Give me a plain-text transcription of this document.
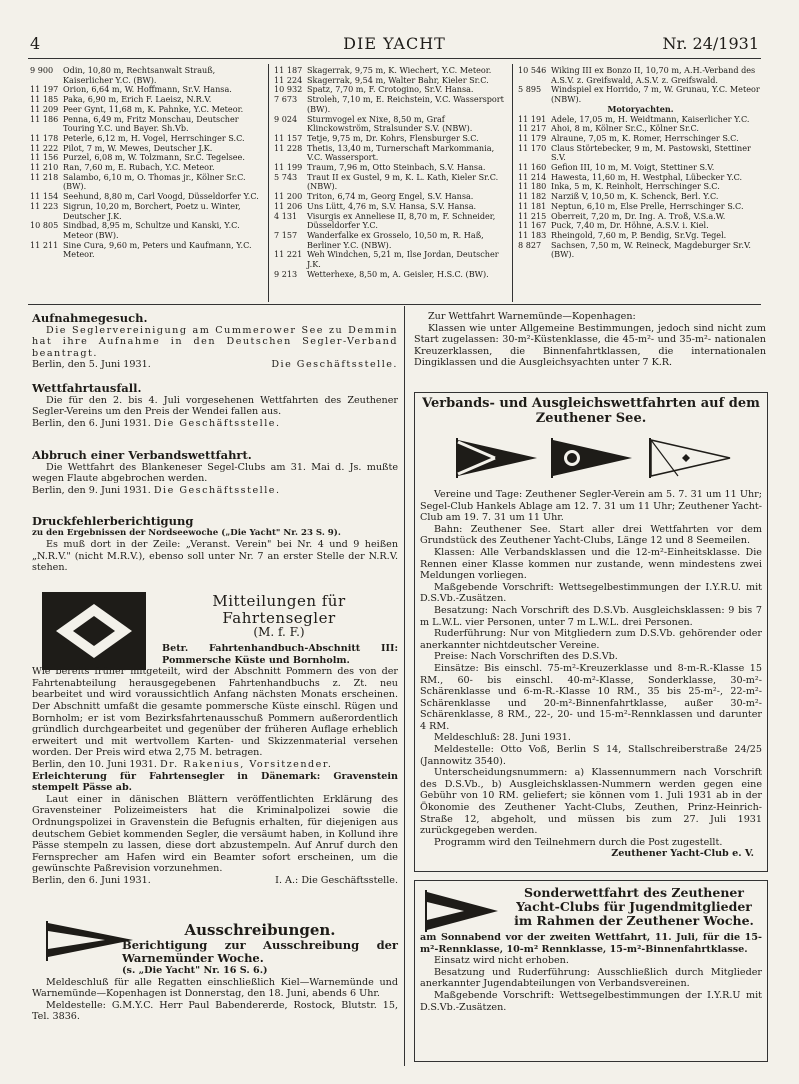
4	DIE YACHT	Nr. 24/1931
9 900	Odin, 10,80 m, Rechtsanwalt Strauß, Kaiserlicher Y.C. (BW).
11 197 Orion, 6,64 m, W. Hoffmann, Sr.V. Hansa.
11 185 Paka, 6,90 m, Erich F. Laeisz, N.R.V.
11 209 Peer Gynt, 11,68 m, K. Pahnke, Y.C. Meteor.
11 186 Penna, 6,49 m, Fritz Monschau, Deutscher Touring Y.C. und Bayer. Sh.Vb.
11 178 Peterle, 6,12 m, H. Vogel, Herrschinger S.C.
11 222 Pilot, 7 m, W. Mewes, Deutscher J.K.
11 156 Purzel, 6,08 m, W. Tolzmann, Sr.C. Tegelsee.
11 210 Ran, 7,60 m, E. Rubach, Y.C. Meteor.
11 218 Salambo, 6,10 m, O. Thomas jr., Kölner Sr.C. (BW).
11 154 Seehund, 8,80 m, Carl Voogd, Düsseldorfer Y.C.
11 223 Sigrun, 10,20 m, Borchert, Poetz u. Winter, Deutscher J.K.
10 805 Sindbad, 8,95 m, Schultze und Kanski, Y.C. Meteor (BW).
11 211 Sine Cura, 9,60 m, Peters und Kaufmann, Y.C. Meteor.
11 187 Skagerrak, 9,75 m, K. Wiechert, Y.C. Meteor.
11 224 Skagerrak, 9,54 m, Walter Bahr, Kieler Sr.C.
10 932 Spatz, 7,70 m, F. Crotogino, Sr.V. Hansa.
7 673	Stroleh, 7,10 m, E. Reichstein, V.C. Wassersport (BW).
9 024	Sturmvogel ex Nixe, 8,50 m, Graf Klinckowström, Stralsunder S.V. (NBW).
11 157 Tetje, 9,75 m, Dr. Kohrs, Flensburger S.C.
11 228 Thetis, 13,40 m, Turnerschaft Markommania, V.C. Wassersport.
11 199 Traum, 7,96 m, Otto Steinbach, S.V. Hansa.
5 743	Traut II ex Gustel, 9 m, K. L. Kath, Kieler Sr.C. (NBW).
11 200 Triton, 6,74 m, Georg Engel, S.V. Hansa.
11 206 Uns Lütt, 4,76 m, S.V. Hansa, S.V. Hansa.
4 131	Visurgis ex Anneliese II, 8,70 m, F. Schneider, Düsseldorfer Y.C.
7 157	Wanderfalke ex Grosselo, 10,50 m, R. Haß, Berliner Y.C. (NBW).
11 221 Weh Windchen, 5,21 m, Ilse Jordan, Deutscher J.K.
9 213	Wetterhexe, 8,50 m, A. Geisler, H.S.C. (BW).
10 546 Wiking III ex Bonzo II, 10,70 m, A.H.-Verband des A.S.V. z. Greifswald, A.S.V. z. Greifswald.
5 895	Windspiel ex Horrido, 7 m, W. Grunau, Y.C. Meteor (NBW).
Motoryachten.
11 191 Adele, 17,05 m, H. Weidtmann, Kaiserlicher Y.C.
11 217 Ahoi, 8 m, Kölner Sr.C., Kölner Sr.C.
11 179 Alraune, 7,05 m, K. Romer, Herrschinger S.C.
11 170 Claus Störtebecker, 9 m, M. Pastowski, Stettiner S.V.
11 160 Gefion III, 10 m, M. Voigt, Stettiner S.V.
11 214 Hawesta, 11,60 m, H. Westphal, Lübecker Y.C.
11 180 Inka, 5 m, K. Reinholt, Herrschinger S.C.
11 182 Narziß V, 10,50 m, K. Schenck, Berl. Y.C.
11 181 Neptun, 6,10 m, Else Prelle, Herrschinger S.C.
11 215 Oberreit, 7,20 m, Dr. Ing. A. Troß, V.S.a.W.
11 167 Puck, 7,40 m, Dr. Höhne, A.S.V. i. Kiel.
11 183 Rheingold, 7,60 m, P. Bendig, Sr.Vg. Tegel.
8 827	Sachsen, 7,50 m, W. Reineck, Magdeburger Sr.V. (BW).

Aufnahmegesuch.

Die Seglervereinigung am Cummerower See zu Demmin hat ihre Aufnahme in den Deutschen Segler-Verband beantragt.

Berlin, den 5. Juni 1931.	Die Geschäftsstelle.

Wettfahrtausfall.

Die für den 2. bis 4. Juli vorgesehenen Wettfahrten des Zeuthener Segler-Vereins um den Preis der Wendei fallen aus.

Berlin, den 6. Juni 1931. Die Geschäftsstelle.

Abbruch einer Verbandswettfahrt.

Die Wettfahrt des Blankeneser Segel-Clubs am 31. Mai d. Js. mußte wegen Flaute abgebrochen werden.

Berlin, den 9. Juni 1931. Die Geschäftsstelle.

Druckfehlerberichtigung

zu den Ergebnissen der Nordseewoche („Die Yacht" Nr. 23 S. 9).

Es muß dort in der Zeile: „Veranst. Verein" bei Nr. 4 und 9 heißen „N.R.V." (nicht M.R.V.), ebenso soll unter Nr. 7 an erster Stelle der N.R.V. stehen.

Mitteilungen für Fahrtensegler
(M. f. F.)

Betr. Fahrtenhandbuch-Abschnitt III: Pommersche Küste und Bornholm.

Wie bereits früher mitgeteilt, wird der Abschnitt Pommern des von der Fahrtenabteilung herausgegebenen Fahrtenhandbuchs z. Zt. neu bearbeitet und wird voraussichtlich Anfang nächsten Monats erscheinen. Der Abschnitt umfaßt die gesamte pommersche Küste einschl. Rügen und Bornholm; er ist vom Bezirksfahrtenausschuß Pommern außerordentlich gründlich durchgearbeitet und gegenüber der früheren Auflage erheblich erweitert und mit wertvollem Karten- und Skizzenmaterial versehen worden. Der Preis wird etwa 2,75 M. betragen.

Berlin, den 10. Juni 1931. Dr. Rakenius, Vorsitzender.

Erleichterung für Fahrtensegler in Dänemark: Gravenstein stempelt Pässe ab.

Laut einer in dänischen Blättern veröffentlichten Erklärung des Gravensteiner Polizeimeisters hat die Kriminalpolizei sowie die Ordnungspolizei in Gravenstein die Befugnis erhalten, für diejenigen aus deutschem Gebiet kommenden Segler, die versäumt haben, in Kollund ihre Pässe stempeln zu lassen, diese dort abzustempeln. Auf Anruf durch den Fernsprecher am Hafen wird ein Beamter sofort erscheinen, um die gewünschte Paßrevision vorzunehmen.

Berlin, den 6. Juni 1931.	I. A.: Die Geschäftsstelle.

Ausschreibungen.

Berichtigung zur Ausschreibung der Warnemünder Woche.

(s. „Die Yacht" Nr. 16 S. 6.)

Meldeschluß für alle Regatten einschließlich Kiel—Warnemünde und Warnemünde—Kopenhagen ist Donnerstag, den 18. Juni, abends 6 Uhr.

Meldestelle: G.M.Y.C. Herr Paul Babendererde, Rostock, Blutstr. 15, Tel. 3836.

Zur Wettfahrt Warnemünde—Kopenhagen:

Klassen wie unter Allgemeine Bestimmungen, jedoch sind nicht zum Start zugelassen: 30-m²-Küstenklasse, die 45-m²- und 35-m²- nationalen Kreuzerklassen, die Binnenfahrtklassen, die internationalen Dingiklassen und die Ausgleichsyachten unter 7 K.R.

Verbands- und Ausgleichswettfahrten auf dem Zeuthener See.

Vereine und Tage: Zeuthener Segler-Verein am 5. 7. 31 um 11 Uhr; Segel-Club Hankels Ablage am 12. 7. 31 um 11 Uhr; Zeuthener Yacht-Club am 19. 7. 31 um 11 Uhr.

Bahn: Zeuthener See. Start aller drei Wettfahrten vor dem Grundstück des Zeuthener Yacht-Clubs, Länge 12 und 8 Seemeilen.

Klassen: Alle Verbandsklassen und die 12-m²-Einheitsklasse. Die Rennen einer Klasse kommen nur zustande, wenn mindestens zwei Meldungen vorliegen.

Maßgebende Vorschrift: Wettsegelbestimmungen der I.Y.R.U. mit D.S.Vb.-Zusätzen.

Besatzung: Nach Vorschrift des D.S.Vb. Ausgleichsklassen: 9 bis 7 m L.W.L. vier Personen, unter 7 m L.W.L. drei Personen.

Ruderführung: Nur von Mitgliedern zum D.S.Vb. gehörender oder anerkannter nichtdeutscher Vereine.

Preise: Nach Vorschriften des D.S.Vb.

Einsätze: Bis einschl. 75-m²-Kreuzerklasse und 8-m-R.-Klasse 15 RM., 60- bis einschl. 40-m²-Klasse, Sonderklasse, 30-m²-Schärenklasse und 6-m-R.-Klasse 10 RM., 35 bis 25-m²-, 22-m²-Schärenklasse und 20-m²-Binnenfahrtklasse, außer 30-m²-Schärenklasse, 8 RM., 22-, 20- und 15-m²-Rennklassen und darunter 4 RM.

Meldeschluß: 28. Juni 1931.

Meldestelle: Otto Voß, Berlin S 14, Stallschreiberstraße 24/25 (Jannowitz 3540).

Unterscheidungsnummern: a) Klassennummern nach Vorschrift des D.S.Vb., b) Ausgleichsklassen-Nummern werden gegen eine Gebühr von 10 RM. geliefert; sie können vom 1. Juli 1931 ab in der Ökonomie des Zeuthener Yacht-Clubs, Zeuthen, Prinz-Heinrich-Straße 12, abgeholt, und müssen bis zum 27. Juli 1931 zurückgegeben werden.

Programm wird den Teilnehmern durch die Post zugestellt.

Zeuthener Yacht-Club e. V.

Sonderwettfahrt des Zeuthener Yacht-Clubs für Jugendmitglieder im Rahmen der Zeuthener Woche.

am Sonnabend vor der zweiten Wettfahrt, 11. Juli, für die 15-m²-Rennklasse, 10-m² Rennklasse, 15-m²-Binnenfahrtklasse.

Einsatz wird nicht erhoben.

Besatzung und Ruderführung: Ausschließlich durch Mitglieder anerkannter Jugendabteilungen von Verbandsvereinen.

Maßgebende Vorschrift: Wettsegelbestimmungen der I.Y.R.U mit D.S.Vb.-Zusätzen.
